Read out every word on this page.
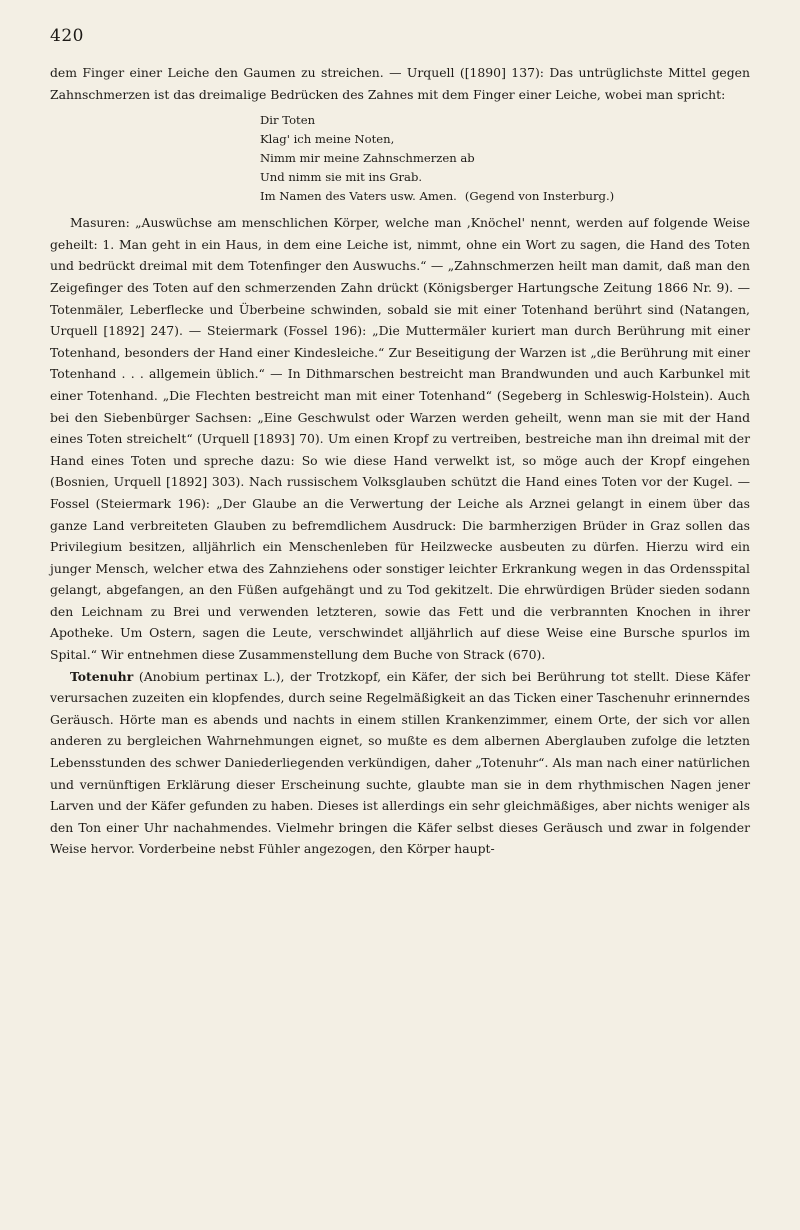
420

dem Finger einer Leiche den Gaumen zu streichen. — Urquell ([1890] 137): Das untrüglichste Mittel gegen Zahnschmerzen ist das dreimalige Bedrücken des Zahnes mit dem Finger einer Leiche, wobei man spricht:

Dir Toten
Klag' ich meine Noten,
Nimm mir meine Zahnschmerzen ab
Und nimm sie mit ins Grab.
Im Namen des Vaters usw. Amen. (Gegend von Insterburg.)

Masuren: „Auswüchse am menschlichen Körper, welche man ‚Knöchel' nennt, werden auf folgende Weise geheilt: 1. Man geht in ein Haus, in dem eine Leiche ist, nimmt, ohne ein Wort zu sagen, die Hand des Toten und bedrückt dreimal mit dem Totenfinger den Auswuchs.“ — „Zahnschmerzen heilt man damit, daß man den Zeigefinger des Toten auf den schmerzenden Zahn drückt (Königsberger Hartungsche Zeitung 1866 Nr. 9). — Totenmäler, Leberflecke und Überbeine schwinden, sobald sie mit einer Totenhand berührt sind (Natangen, Urquell [1892] 247). — Steiermark (Fossel 196): „Die Muttermäler kuriert man durch Berührung mit einer Totenhand, besonders der Hand einer Kindesleiche.“ Zur Beseitigung der Warzen ist „die Berührung mit einer Totenhand . . . allgemein üblich.“ — In Dithmarschen bestreicht man Brandwunden und auch Karbunkel mit einer Totenhand. „Die Flechten bestreicht man mit einer Totenhand“ (Segeberg in Schleswig-Holstein). Auch bei den Siebenbürger Sachsen: „Eine Geschwulst oder Warzen werden geheilt, wenn man sie mit der Hand eines Toten streichelt“ (Urquell [1893] 70). Um einen Kropf zu vertreiben, bestreiche man ihn dreimal mit der Hand eines Toten und spreche dazu: So wie diese Hand verwelkt ist, so möge auch der Kropf eingehen (Bosnien, Urquell [1892] 303). Nach russischem Volksglauben schützt die Hand eines Toten vor der Kugel. — Fossel (Steiermark 196): „Der Glaube an die Verwertung der Leiche als Arznei gelangt in einem über das ganze Land verbreiteten Glauben zu befremdlichem Ausdruck: Die barmherzigen Brüder in Graz sollen das Privilegium besitzen, alljährlich ein Menschenleben für Heilzwecke ausbeuten zu dürfen. Hierzu wird ein junger Mensch, welcher etwa des Zahnziehens oder sonstiger leichter Erkrankung wegen in das Ordensspital gelangt, abgefangen, an den Füßen aufgehängt und zu Tod gekitzelt. Die ehrwürdigen Brüder sieden sodann den Leichnam zu Brei und verwenden letzteren, sowie das Fett und die verbrannten Knochen in ihrer Apotheke. Um Ostern, sagen die Leute, verschwindet alljährlich auf diese Weise eine Bursche spurlos im Spital.“ Wir entnehmen diese Zusammenstellung dem Buche von Strack (670).

Totenuhr (Anobium pertinax L.), der Trotzkopf, ein Käfer, der sich bei Berührung tot stellt. Diese Käfer verursachen zuzeiten ein klopfendes, durch seine Regelmäßigkeit an das Ticken einer Taschenuhr erinnerndes Geräusch. Hörte man es abends und nachts in einem stillen Krankenzimmer, einem Orte, der sich vor allen anderen zu bergleichen Wahrnehmungen eignet, so mußte es dem albernen Aberglauben zufolge die letzten Lebensstunden des schwer Daniederliegenden verkündigen, daher „Totenuhr“. Als man nach einer natürlichen und vernünftigen Erklärung dieser Erscheinung suchte, glaubte man sie in dem rhythmischen Nagen jener Larven und der Käfer gefunden zu haben. Dieses ist allerdings ein sehr gleichmäßiges, aber nichts weniger als den Ton einer Uhr nachahmendes. Vielmehr bringen die Käfer selbst dieses Geräusch und zwar in folgender Weise hervor. Vorderbeine nebst Fühler angezogen, den Körper haupt-
